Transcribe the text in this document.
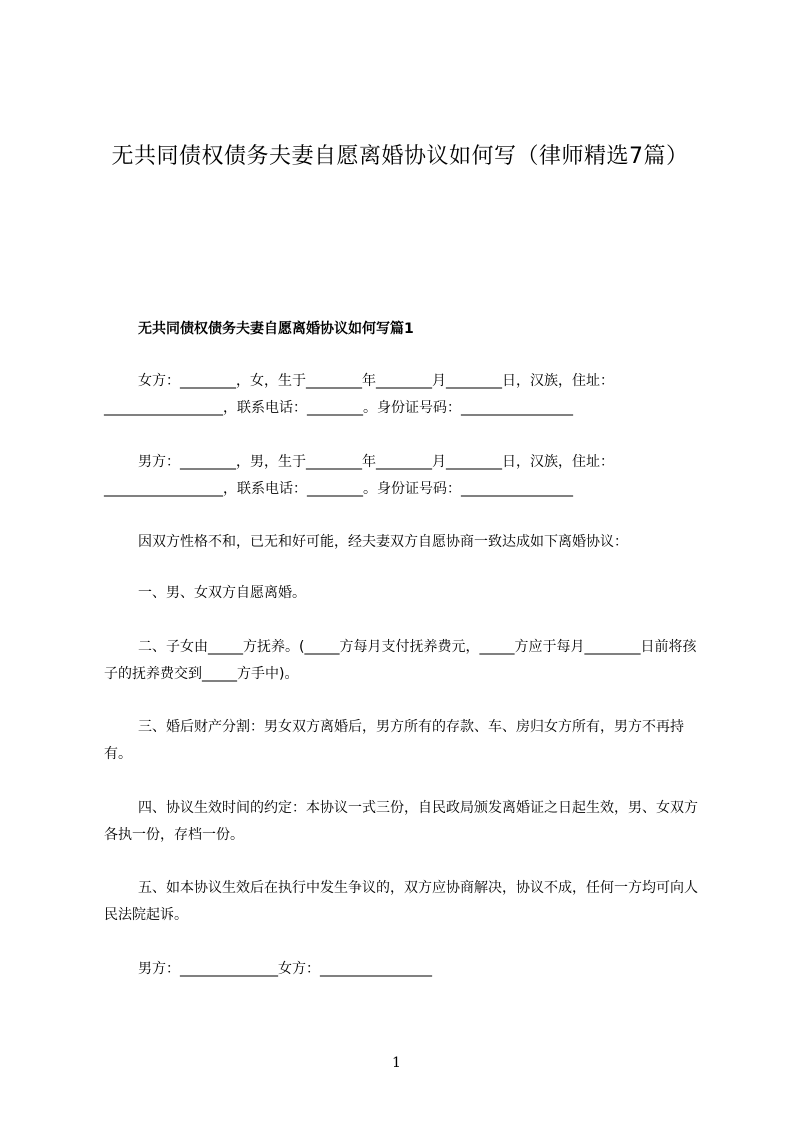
无共同债权债务夫妻自愿离婚协议如何写（律师精选7篇）
无共同债权债务夫妻自愿离婚协议如何写篇1
女方：________，女，生于________年________月________日，汉族，住址：_________________，联系电话：________。身份证号码：________________
男方：________，男，生于________年________月________日，汉族，住址：_________________，联系电话：________。身份证号码：________________
因双方性格不和，已无和好可能，经夫妻双方自愿协商一致达成如下离婚协议：
一、男、女双方自愿离婚。
二、子女由_____方抚养。(_____方每月支付抚养费元，_____方应于每月________日前将孩子的抚养费交到_____方手中)。
三、婚后财产分割：男女双方离婚后，男方所有的存款、车、房归女方所有，男方不再持有。
四、协议生效时间的约定：本协议一式三份，自民政局颁发离婚证之日起生效，男、女双方各执一份，存档一份。
五、如本协议生效后在执行中发生争议的，双方应协商解决，协议不成，任何一方均可向人民法院起诉。
男方：______________女方：________________
1
